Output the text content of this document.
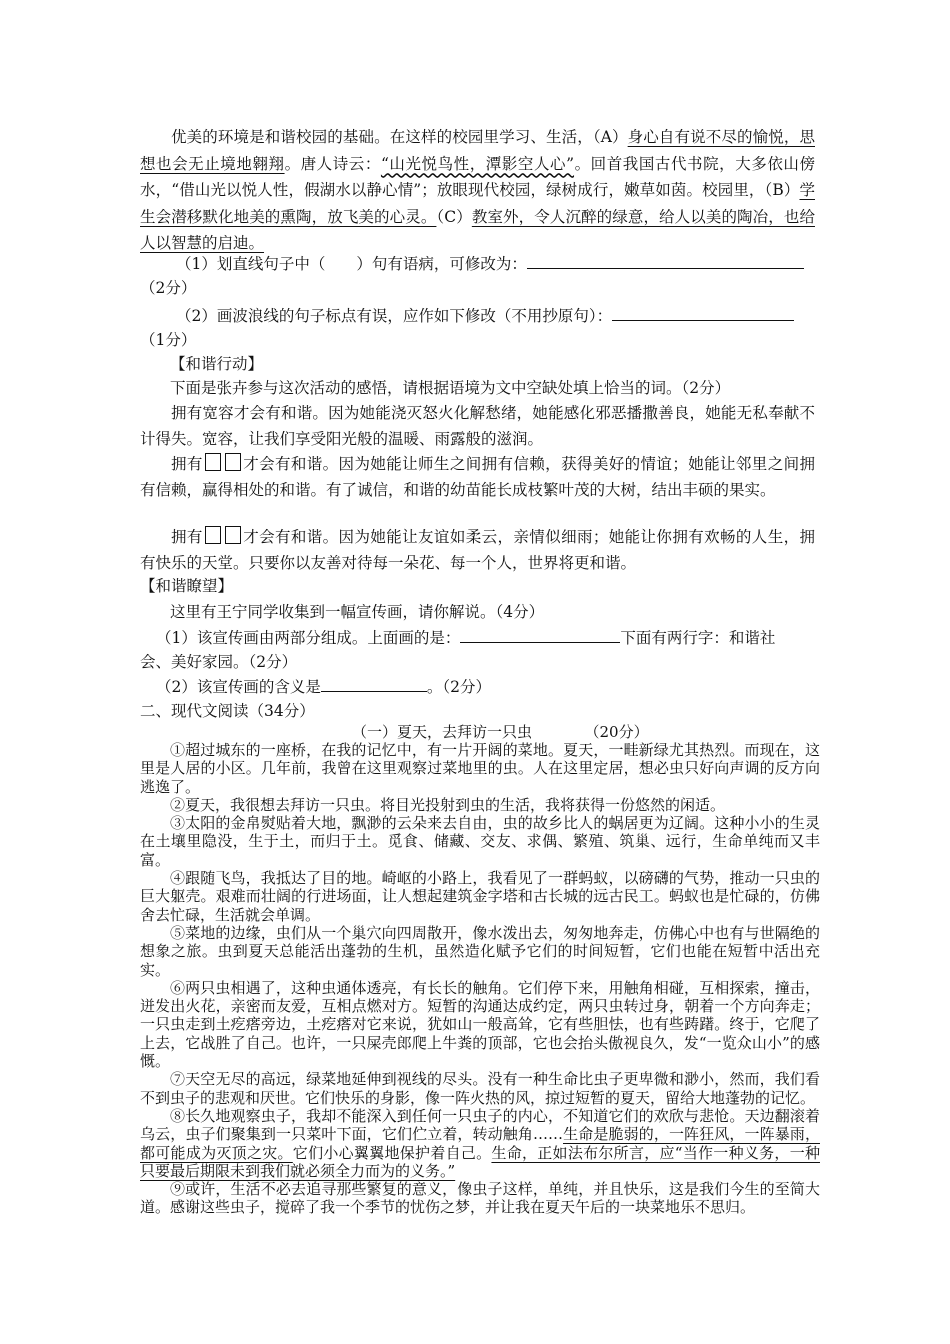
优美的环境是和谐校园的基础。在这样的校园里学习、生活，（A）身心自有说不尽的愉悦，思想也会无止境地翱翔。唐人诗云：“山光悦鸟性，潭影空人心”。回首我国古代书院，大多依山傍水，“借山光以悦人性，假湖水以静心情”；放眼现代校园，绿树成行，嫩草如茵。校园里，（B）学生会潜移默化地美的熏陶，放飞美的心灵。（C）教室外，令人沉醉的绿意，给人以美的陶冶，也给人以智慧的启迪。

（1）划直线句子中（　　）句有语病，可修改为：
（2分）
（2）画波浪线的句子标点有误，应作如下修改（不用抄原句）：
（1分）
【和谐行动】
下面是张卉参与这次活动的感悟，请根据语境为文中空缺处填上恰当的词。（2分）

拥有宽容才会有和谐。因为她能浇灭怒火化解愁绪，她能感化邪恶播撒善良，她能无私奉献不计得失。宽容，让我们享受阳光般的温暖、雨露般的滋润。

拥有	才会有和谐。因为她能让师生之间拥有信赖，获得美好的情谊；她能让邻里之间拥有信赖，赢得相处的和谐。有了诚信，和谐的幼苗能长成枝繁叶茂的大树，结出丰硕的果实。

拥有	才会有和谐。因为她能让友谊如柔云，亲情似细雨；她能让你拥有欢畅的人生，拥有快乐的天堂。只要你以友善对待每一朵花、每一个人，世界将更和谐。

【和谐瞭望】
这里有王宁同学收集到一幅宣传画，请你解说。（4分）
（1）该宣传画由两部分组成。上面画的是：	下面有两行字：和谐社
会、美好家园。（2分）
（2）该宣传画的含义是	。（2分）
二、现代文阅读（34分）
（一）夏天，去拜访一只虫　　　　（20分）

①超过城东的一座桥，在我的记忆中，有一片开阔的菜地。夏天，一畦新绿尤其热烈。而现在，这里是人居的小区。几年前，我曾在这里观察过菜地里的虫。人在这里定居，想必虫只好向声调的反方向逃逸了。

②夏天，我很想去拜访一只虫。将目光投射到虫的生活，我将获得一份悠然的闲适。

③太阳的金帛熨贴着大地，飘渺的云朵来去自由，虫的故乡比人的蜗居更为辽阔。这种小小的生灵在土壤里隐没，生于土，而归于土。觅食、储藏、交友、求偶、繁殖、筑巢、远行，生命单纯而又丰富。

④跟随飞鸟，我抵达了目的地。崎岖的小路上，我看见了一群蚂蚁，以磅礴的气势，推动一只虫的巨大躯壳。艰难而壮阔的行进场面，让人想起建筑金字塔和古长城的远古民工。蚂蚁也是忙碌的，仿佛舍去忙碌，生活就会单调。

⑤菜地的边缘，虫们从一个巢穴向四周散开，像水泼出去，匆匆地奔走，仿佛心中也有与世隔绝的想象之旅。虫到夏天总能活出蓬勃的生机，虽然造化赋予它们的时间短暂，它们也能在短暂中活出充实。

⑥两只虫相遇了，这种虫通体透亮，有长长的触角。它们停下来，用触角相碰，互相探索，撞击，迸发出火花，亲密而友爱，互相点燃对方。短暂的沟通达成约定，两只虫转过身，朝着一个方向奔走；一只虫走到土疙瘩旁边，土疙瘩对它来说，犹如山一般高耸，它有些胆怯，也有些踌躇。终于，它爬了上去，它战胜了自己。也许，一只屎壳郎爬上牛粪的顶部，它也会抬头傲视良久，发“一览众山小”的感慨。

⑦天空无尽的高远，绿菜地延伸到视线的尽头。没有一种生命比虫子更卑微和渺小，然而，我们看不到虫子的悲观和厌世。它们快乐的身影，像一阵火热的风，掠过短暂的夏天，留给大地蓬勃的记忆。

⑧长久地观察虫子，我却不能深入到任何一只虫子的内心，不知道它们的欢欣与悲怆。天边翻滚着乌云，虫子们聚集到一只菜叶下面，它们伫立着，转动触角……生命是脆弱的，一阵狂风，一阵暴雨，都可能成为灭顶之灾。它们小心翼翼地保护着自己。生命，正如法布尔所言，应“当作一种义务，一种只要最后期限未到我们就必须全力而为的义务。”

⑨或许，生活不必去追寻那些繁复的意义，像虫子这样，单纯，并且快乐，这是我们今生的至简大道。感谢这些虫子，搅碎了我一个季节的忧伤之梦，并让我在夏天午后的一块菜地乐不思归。
